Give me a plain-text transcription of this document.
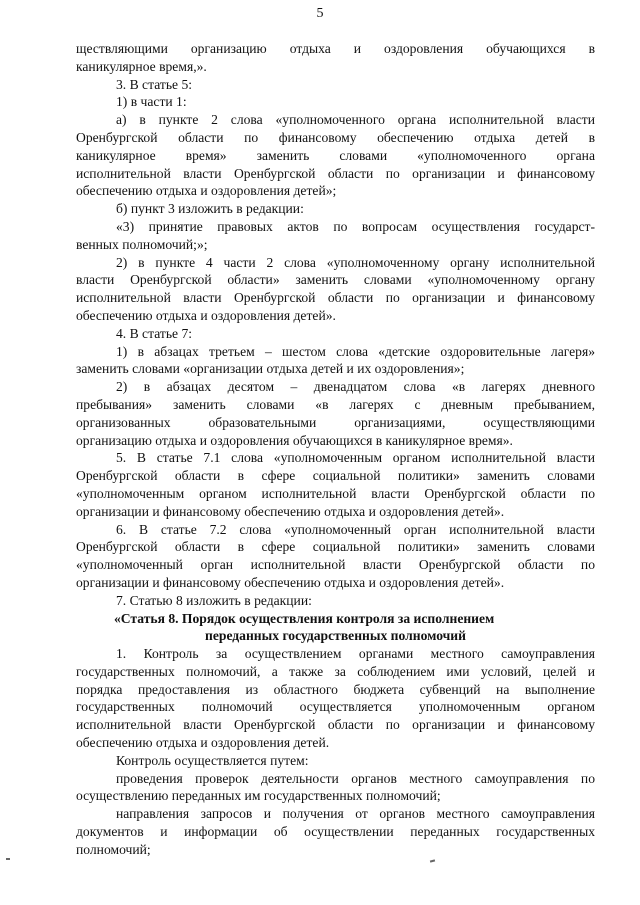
5
ществляющими организацию отдыха и оздоровления обучающихся в
каникулярное время,».
3. В статье 5:
1) в части 1:
а) в пункте 2 слова «уполномоченного органа исполнительной власти
Оренбургской области по финансовому обеспечению отдыха детей в
каникулярное время» заменить словами «уполномоченного органа
исполнительной власти Оренбургской области по организации и финансовому
обеспечению отдыха и оздоровления детей»;
б) пункт 3 изложить в редакции:
«3) принятие правовых актов по вопросам осуществления государст-
венных полномочий;»;
2) в пункте 4 части 2 слова «уполномоченному органу исполнительной
власти Оренбургской области» заменить словами «уполномоченному органу
исполнительной власти Оренбургской области по организации и финансовому
обеспечению отдыха и оздоровления детей».
4. В статье 7:
1) в абзацах третьем – шестом слова «детские оздоровительные лагеря»
заменить словами «организации отдыха детей и их оздоровления»;
2) в абзацах десятом – двенадцатом слова «в лагерях дневного
пребывания» заменить словами «в лагерях с дневным пребыванием,
организованных образовательными организациями, осуществляющими
организацию отдыха и оздоровления обучающихся в каникулярное время».
5. В статье 7.1 слова «уполномоченным органом исполнительной власти
Оренбургской области в сфере социальной политики» заменить словами
«уполномоченным органом исполнительной власти Оренбургской области по
организации и финансовому обеспечению отдыха и оздоровления детей».
6. В статье 7.2 слова «уполномоченный орган исполнительной власти
Оренбургской области в сфере социальной политики» заменить словами
«уполномоченный орган исполнительной власти Оренбургской области по
организации и финансовому обеспечению отдыха и оздоровления детей».
7. Статью 8 изложить в редакции:
«Статья 8. Порядок осуществления контроля за исполнением
переданных государственных полномочий
1. Контроль за осуществлением органами местного самоуправления
государственных полномочий, а также за соблюдением ими условий, целей и
порядка предоставления из областного бюджета субвенций на выполнение
государственных полномочий осуществляется уполномоченным органом
исполнительной власти Оренбургской области по организации и финансовому
обеспечению отдыха и оздоровления детей.
Контроль осуществляется путем:
проведения проверок деятельности органов местного самоуправления по
осуществлению переданных им государственных полномочий;
направления запросов и получения от органов местного самоуправления
документов и информации об осуществлении переданных государственных
полномочий;
